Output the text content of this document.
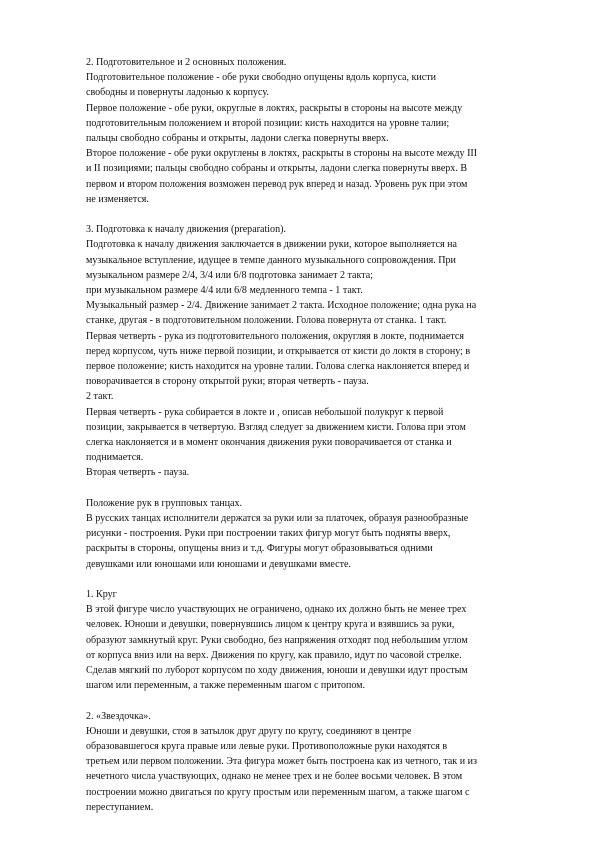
2. Подготовительное и 2 основных положения.
Подготовительное положение - обе руки свободно опущены вдоль корпуса, кисти
свободны и повернуты ладонью к корпусу.
Первое положение - обе руки, округлые в локтях, раскрыты в стороны на высоте между
подготовительным положением и второй позиции: кисть находится на уровне талии;
пальцы свободно собраны и открыты, ладони слегка повернуты вверх.
Второе положение - обе руки округлены в локтях, раскрыты в стороны на высоте между III
и II позициями; пальцы свободно собраны и открыты, ладони слегка повернуты вверх. В
первом и втором положения возможен перевод рук вперед и назад. Уровень рук при этом
не изменяется.

3. Подготовка к началу движения (preparation).
Подготовка к началу движения заключается в движении руки, которое выполняется на
музыкальное вступление, идущее в темпе данного музыкального сопровождения. При
музыкальном размере 2/4, 3/4 или 6/8 подготовка занимает 2 такта;
при музыкальном размере 4/4 или 6/8 медленного темпа - 1 такт.
Музыкальный размер - 2/4. Движение занимает 2 такта. Исходное положение; одна рука на
станке, другая - в подготовительном положении. Голова повернута от станка. 1 такт.
Первая четверть - рука из подготовительного положения, округляя в локте, поднимается
перед корпусом, чуть ниже первой позиции, и открывается от кисти до локтя в сторону; в
первое положение; кисть находится на уровне талии. Голова слегка наклоняется вперед и
поворачивается в сторону открытой руки; вторая четверть - пауза.
2 такт.
Первая четверть - рука собирается в локте и , описав небольшой полукруг к первой
позиции, закрывается в четвертую. Взгляд следует за движением кисти. Голова при этом
слегка наклоняется и в момент окончания движения руки поворачивается от станка и
поднимается.
Вторая четверть - пауза.

Положение рук в групповых танцах.
В русских танцах исполнители держатся за руки или за платочек, образуя разнообразные
рисунки - построения. Руки при построении таких фигур могут быть подняты вверх,
раскрыты в стороны, опущены вниз и т.д. Фигуры могут образовываться одними
девушками или юношами или юношами и девушками вместе.

1. Круг
В этой фигуре число участвующих не ограничено, однако их должно быть не менее трех
человек. Юноши и девушки, повернувшись лицом к центру круга и взявшись за руки,
образуют замкнутый круг. Руки свободно, без напряжения отходят под небольшим углом
от корпуса вниз или на верх. Движения по кругу, как правило, идут по часовой стрелке.
Сделав мягкий по луборот корпусом по ходу движения, юноши и девушки идут простым
шагом или переменным, а также переменным шагом с притопом.

2. «Звездочка».
Юноши и девушки, стоя в затылок друг другу по кругу, соединяют в центре
образовавшегося круга правые или левые руки. Противоположные руки находятся в
третьем или первом положении. Эта фигура может быть построена как из четного, так и из
нечетного числа участвующих, однако не менее трех и не более восьми человек. В этом
построении можно двигаться по кругу простым или переменным шагом, а также шагом с
переступанием.
